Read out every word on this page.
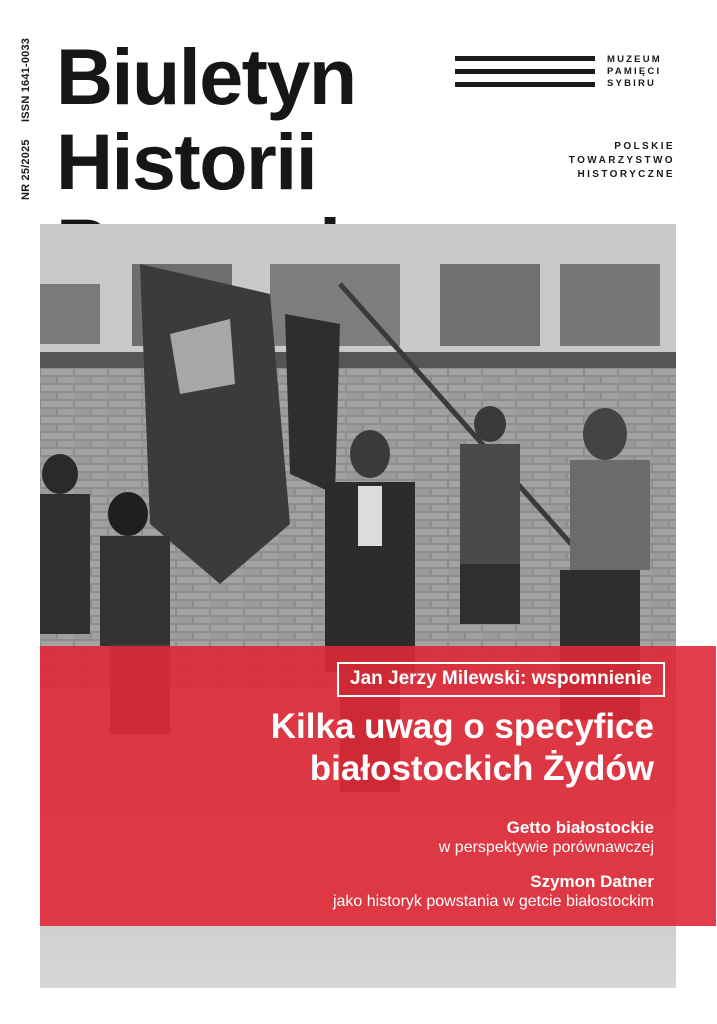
NR 25/2025 ISSN 1641-0033 Biuletyn
Historii
MUZEUM
PAMIĘCI
SYBIRU
POLSKIE
TOWARZYSTWO
HISTORYCZNE
Jan Jerzy Milewski: wspomnienie
Kilka uwag o specyfice
białostockich Żydów
Getto białostockie
w perspektywie porównawczej
Szymon Datner
jako historyk powstania w getcie białostockim
